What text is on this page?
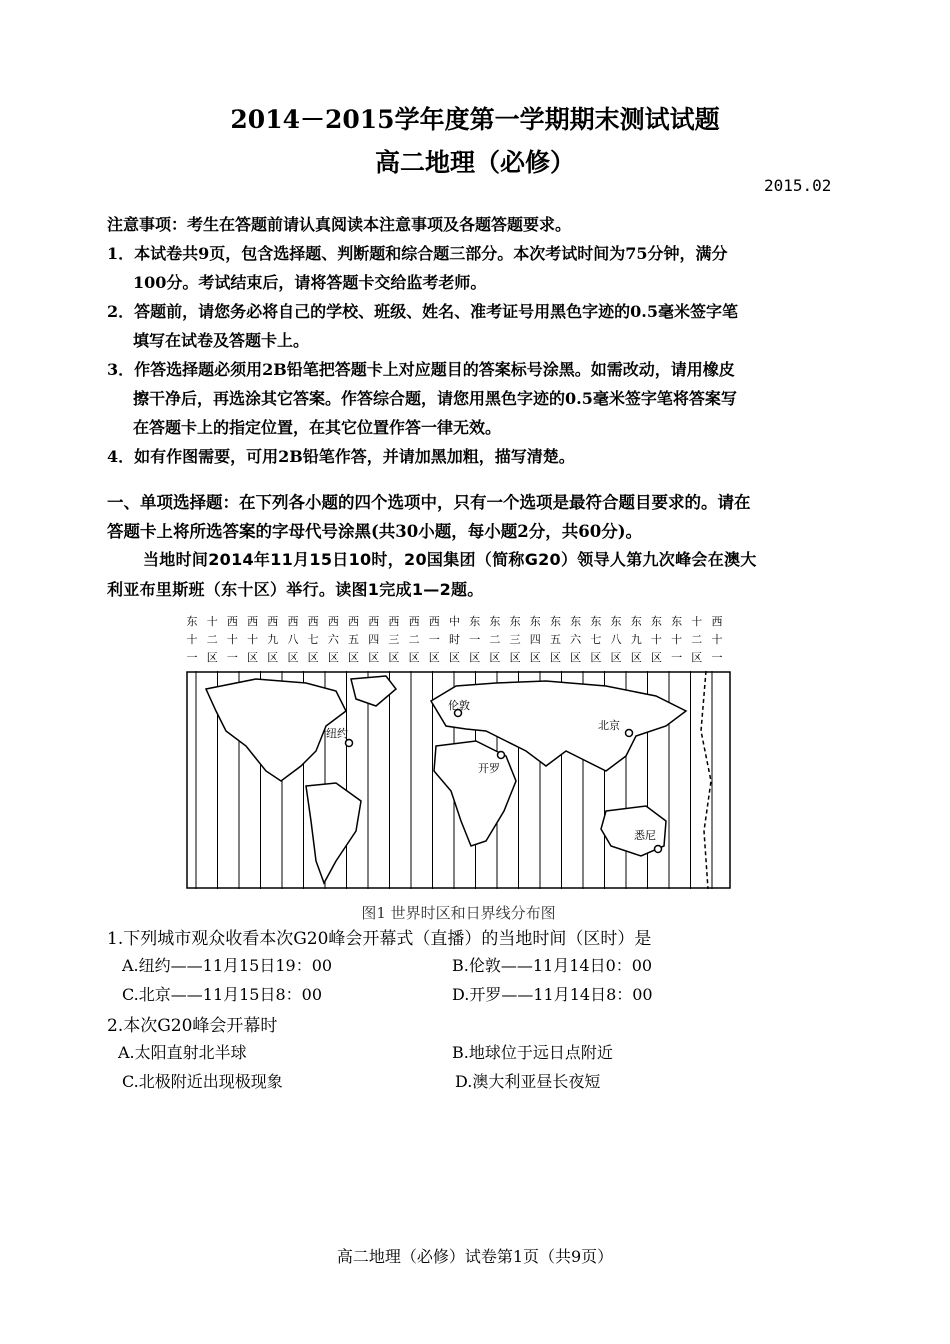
2014－2015学年度第一学期期末测试试题
高二地理（必修）
2015.02

注意事项：考生在答题前请认真阅读本注意事项及各题答题要求。

1．本试卷共9页，包含选择题、判断题和综合题三部分。本次考试时间为75分钟，满分

100分。考试结束后，请将答题卡交给监考老师。

2．答题前，请您务必将自己的学校、班级、姓名、准考证号用黑色字迹的0.5毫米签字笔

填写在试卷及答题卡上。

3．作答选择题必须用2B铅笔把答题卡上对应题目的答案标号涂黑。如需改动，请用橡皮

擦干净后，再选涂其它答案。作答综合题，请您用黑色字迹的0.5毫米签字笔将答案写

在答题卡上的指定位置，在其它位置作答一律无效。

4．如有作图需要，可用2B铅笔作答，并请加黑加粗，描写清楚。

一、单项选择题：在下列各小题的四个选项中，只有一个选项是最符合题目要求的。请在
答题卡上将所选答案的字母代号涂黑(共30小题，每小题2分，共60分)。

当地时间2014年11月15日10时，20国集团（简称G20）领导人第九次峰会在澳大

利亚布里斯班（东十区）举行。读图1完成1—2题。

东 十 西 西 西 西 西 西 西 西 西 西 西 中 东 东 东 东 东 东 东 东 东 东 东 十 西
十 二 十 十 九 八 七 六 五 四 三 二 一 时 一 二 三 四 五 六 七 八 九 十 十 二 十
一 区 一 区 区 区 区 区 区 区 区 区 区 区 区 区 区 区 区 区 区 区 区 区 一 区 一
纽约
伦敦
开罗
北京
悉尼
图1 世界时区和日界线分布图
1.下列城市观众收看本次G20峰会开幕式（直播）的当地时间（区时）是
A.纽约——11月15日19：00	B.伦敦——11月14日0：00
C.北京——11月15日8：00	D.开罗——11月14日8：00
2.本次G20峰会开幕时
A.太阳直射北半球	B.地球位于远日点附近
C.北极附近出现极现象	D.澳大利亚昼长夜短
高二地理（必修）试卷第1页（共9页）
